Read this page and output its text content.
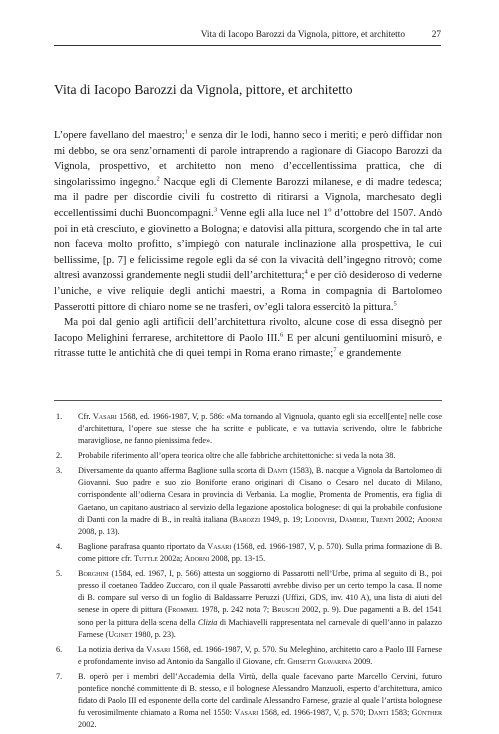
Vita di Iacopo Barozzi da Vignola, pittore, et architetto	27
Vita di Iacopo Barozzi da Vignola, pittore, et architetto

L’opere favellano del maestro;$^1$ e senza dir le lodi, hanno seco i meriti; e però diffidar non mi debbo, se ora senz’ornamenti di parole intraprendo a ragionare di Giacopo Barozzi da Vignola, prospettivo, et architetto non meno d’eccellentissima prattica, che di singolarissimo ingegno.$^2$ Nacque egli di Clemente Barozzi milanese, e di madre tedesca; ma il padre per discordie civili fu costretto di ritirarsi a Vignola, marchesato degli eccellentissimi duchi Buoncompagni.$^3$ Venne egli alla luce nel 1$^o$ d’ottobre del 1507. Andò poi in età cresciuto, e giovinetto a Bologna; e datovisi alla pittura, scorgendo che in tal arte non faceva molto profitto, s’impiegò con naturale inclinazione alla prospettiva, le cui bellissime, [p. 7] e felicissime regole egli da sé con la vivacità dell’ingegno ritrovò; come altresì avanzossi grandemente negli studii dell’architettura;$^4$ e per ciò desideroso di vederne l’uniche, e vive reliquie degli antichi maestri, a Roma in compagnia di Bartolomeo Passerotti pittore di chiaro nome se ne trasferì, ov’egli talora essercitò la pittura.$^5$

Ma poi dal genio agli artificii dell’architettura rivolto, alcune cose di essa disegnò per Iacopo Melighini ferrarese, architettore di Paolo III.$^6$ E per alcuni gentiluomini misurò, e ritrasse tutte le antichità che di quei tempi in Roma erano rimaste;$^7$ e grandemente

1. Cfr. Vasari 1568, ed. 1966-1987, V, p. 586: «Ma tornando al Vignuola, quanto egli sia eccell[ente] nelle cose d’architettura, l’opere sue stesse che ha scritte e publicate, e va tuttavia scrivendo, oltre le fabbriche maravigliose, ne fanno pienissima fede».
2. Probabile riferimento all’opera teorica oltre che alle fabbriche architettoniche: si veda la nota 38.
3. Diversamente da quanto afferma Baglione sulla scorta di Danti (1583), B. nacque a Vignola da Bartolomeo di Giovanni. Suo padre e suo zio Boniforte erano originari di Cisano o Cesaro nel ducato di Milano, corrispondente all’odierna Cesara in provincia di Verbania. La moglie, Promenta de Promentis, era figlia di Gaetano, un capitano austriaco al servizio della legazione apostolica bolognese: di qui la probabile confusione di Danti con la madre di B., in realtà italiana (Barozzi 1949, p. 19; Lodovisi, Damieri, Trenti 2002; Adorni 2008, p. 13).
4. Baglione parafrasa quanto riportato da Vasari (1568, ed. 1966-1987, V, p. 570). Sulla prima formazione di B. come pittore cfr. Tuttle 2002a; Adorni 2008, pp. 13-15.
5. Borghini (1584, ed. 1967, I, p. 566) attesta un soggiorno di Passarotti nell’Urbe, prima al seguito di B., poi presso il coetaneo Taddeo Zuccaro, con il quale Passarotti avrebbe diviso per un certo tempo la casa. Il nome di B. compare sul verso di un foglio di Baldassarre Peruzzi (Uffizi, GDS, inv. 410 A), una lista di aiuti del senese in opere di pittura (Frommel 1978, p. 242 nota 7; Bruschi 2002, p. 9). Due pagamenti a B. del 1541 sono per la pittura della scena della Clizia di Machiavelli rappresentata nel carnevale di quell’anno in palazzo Farnese (Uginet 1980, p. 23).
6. La notizia deriva da Vasari 1568, ed. 1966-1987, V, p. 570. Su Meleghino, architetto caro a Paolo III Farnese e profondamente inviso ad Antonio da Sangallo il Giovane, cfr. Ghisetti Giavarina 2009.
7. B. operò per i membri dell’Accademia della Virtù, della quale facevano parte Marcello Cervini, futuro pontefice nonché committente di B. stesso, e il bolognese Alessandro Manzuoli, esperto d’architettura, amico fidato di Paolo III ed esponente della corte del cardinale Alessandro Farnese, grazie al quale l’artista bolognese fu verosimilmente chiamato a Roma nel 1550: Vasari 1568, ed. 1966-1987, V, p. 570; Danti 1583; Günther 2002.
